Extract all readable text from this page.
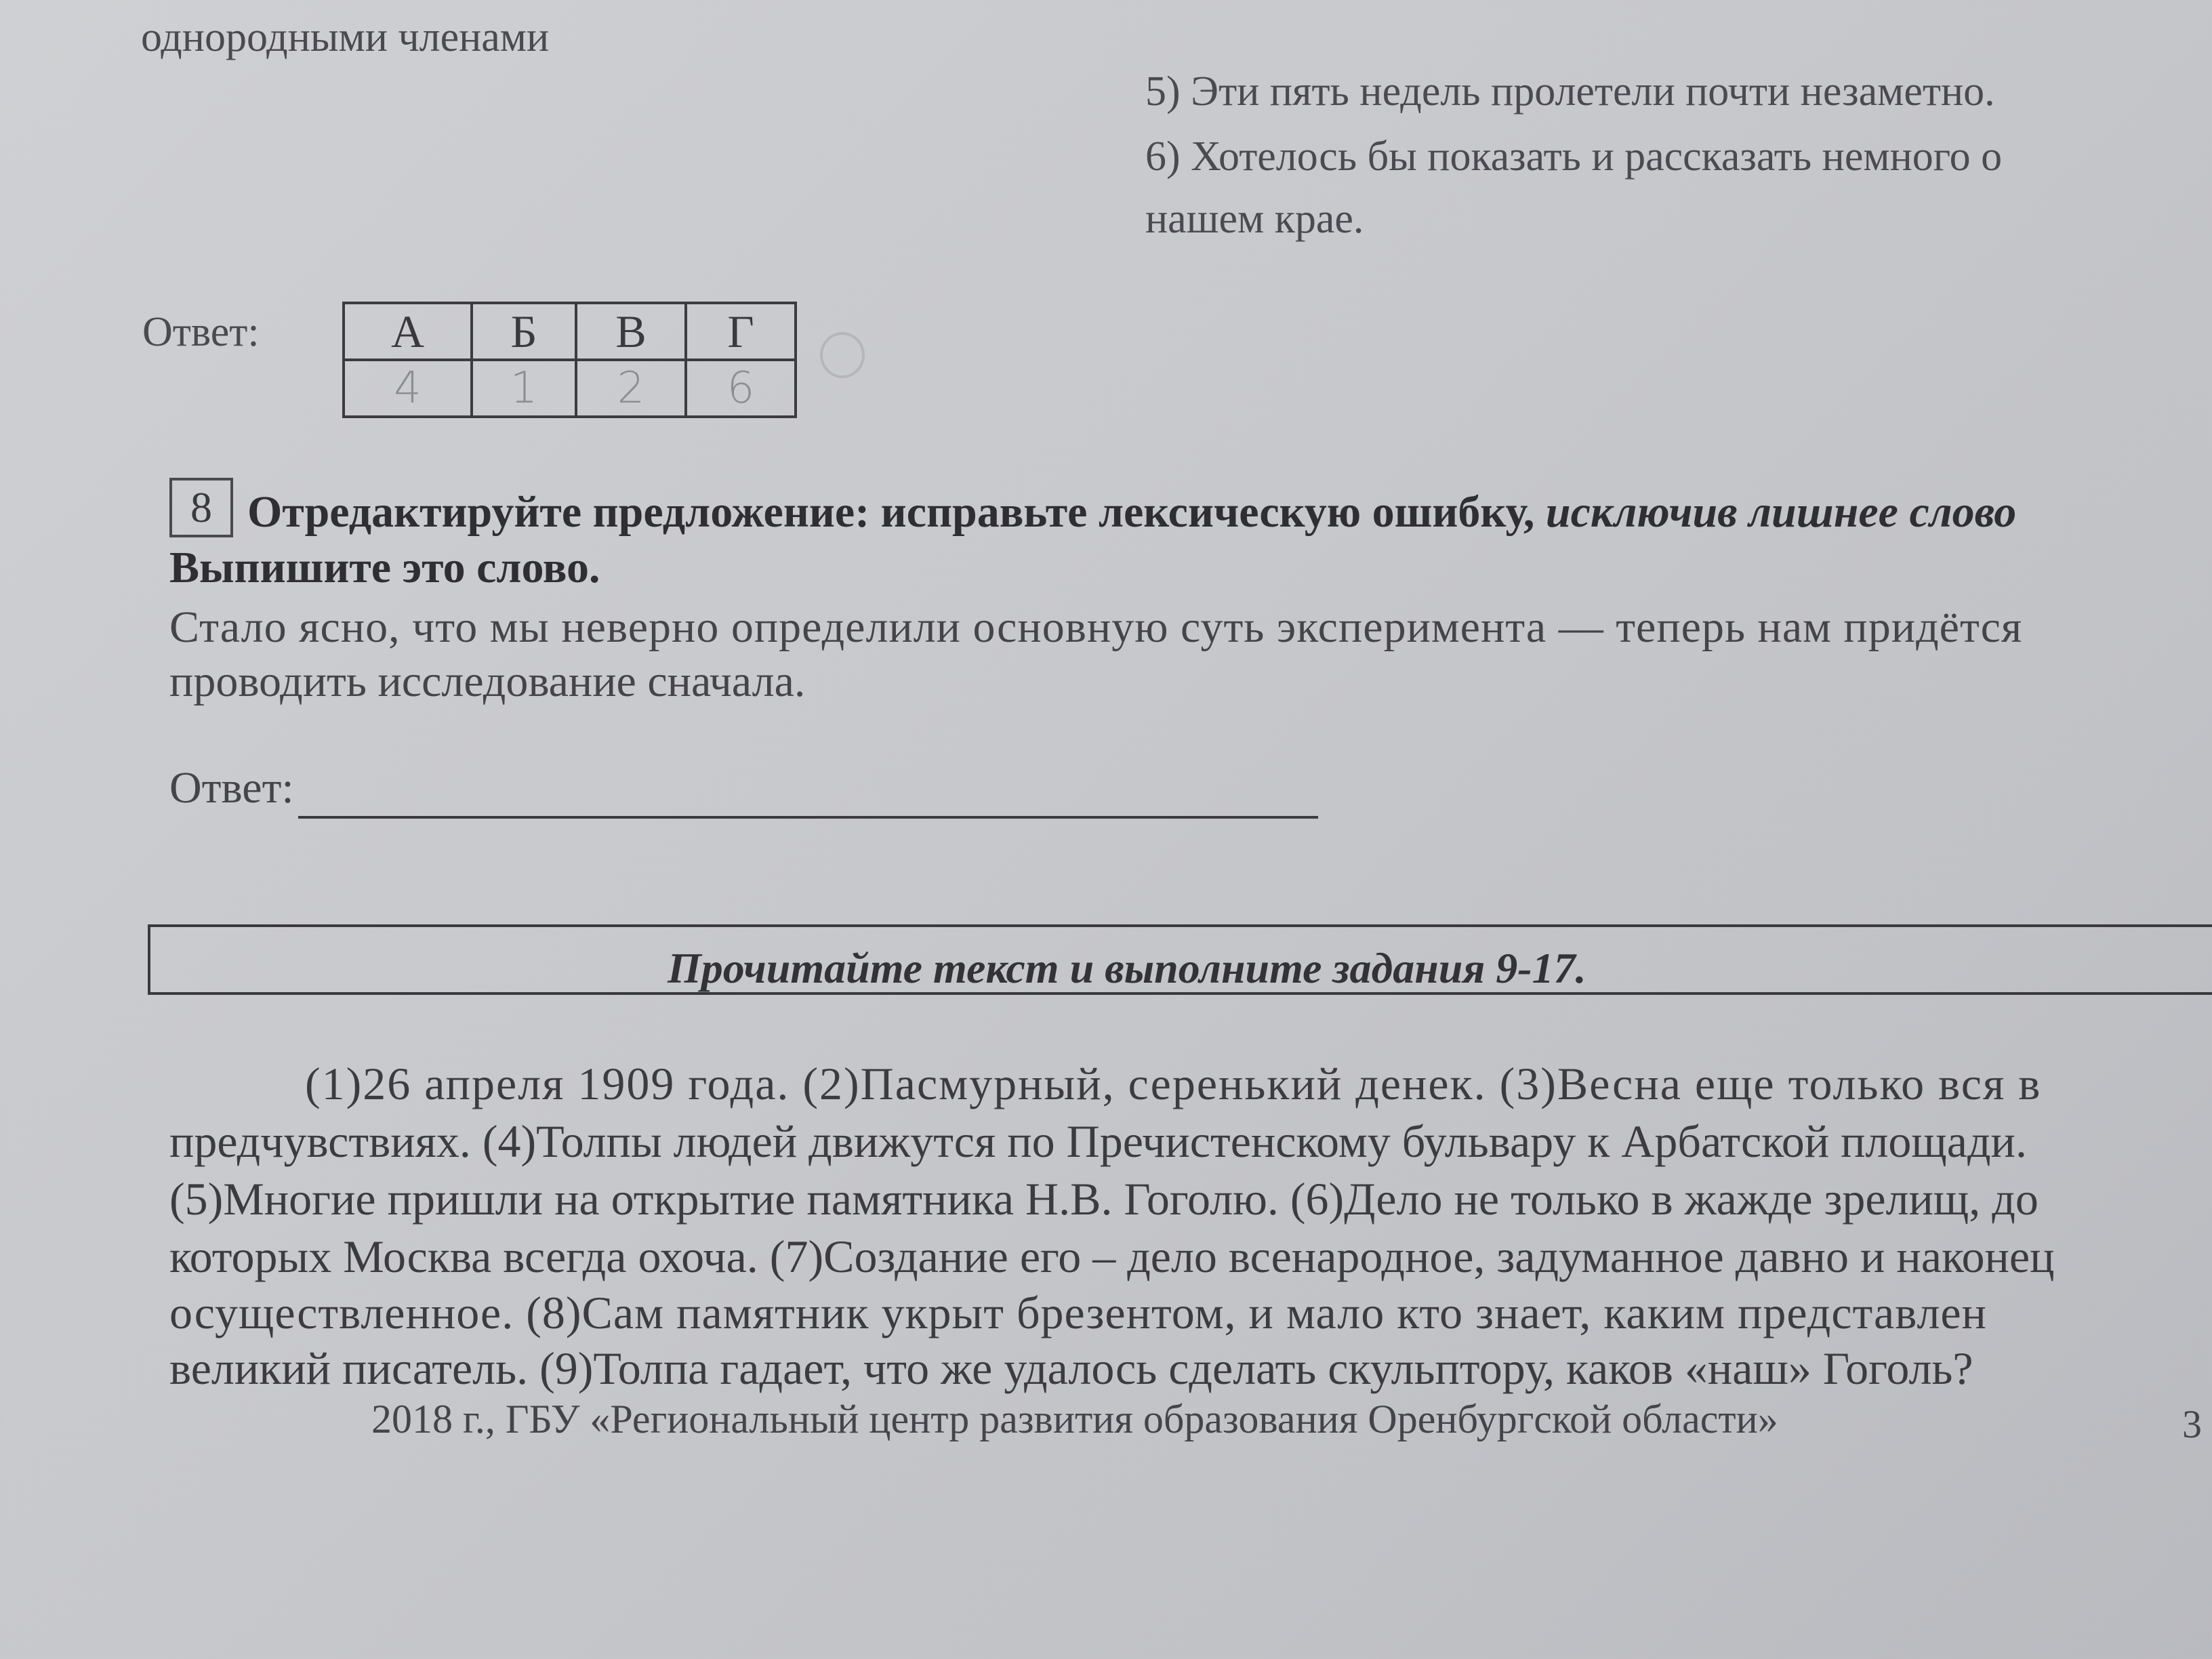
однородными членами
5) Эти пять недель пролетели почти незаметно.
6) Хотелось бы показать и рассказать немного о
нашем крае.
Ответ:	А	Б	В	Г
4	1	2	6
8 Отредактируйте предложение: исправьте лексическую ошибку, исключив лишнее слово
Выпишите это слово.
Стало ясно, что мы неверно определили основную суть эксперимента — теперь нам придётся
проводить исследование сначала.
Ответ:
Прочитайте текст и выполните задания 9-17.
(1)26 апреля 1909 года. (2)Пасмурный, серенький денек. (3)Весна еще только вся в
предчувствиях. (4)Толпы людей движутся по Пречистенскому бульвару к Арбатской площади.
(5)Многие пришли на открытие памятника Н.В. Гоголю. (6)Дело не только в жажде зрелищ, до
которых Москва всегда охоча. (7)Создание его – дело всенародное, задуманное давно и наконец
осуществленное. (8)Сам памятник укрыт брезентом, и мало кто знает, каким представлен
великий писатель. (9)Толпа гадает, что же удалось сделать скульптору, каков «наш» Гоголь?
2018 г., ГБУ «Региональный центр развития образования Оренбургской области»	3
